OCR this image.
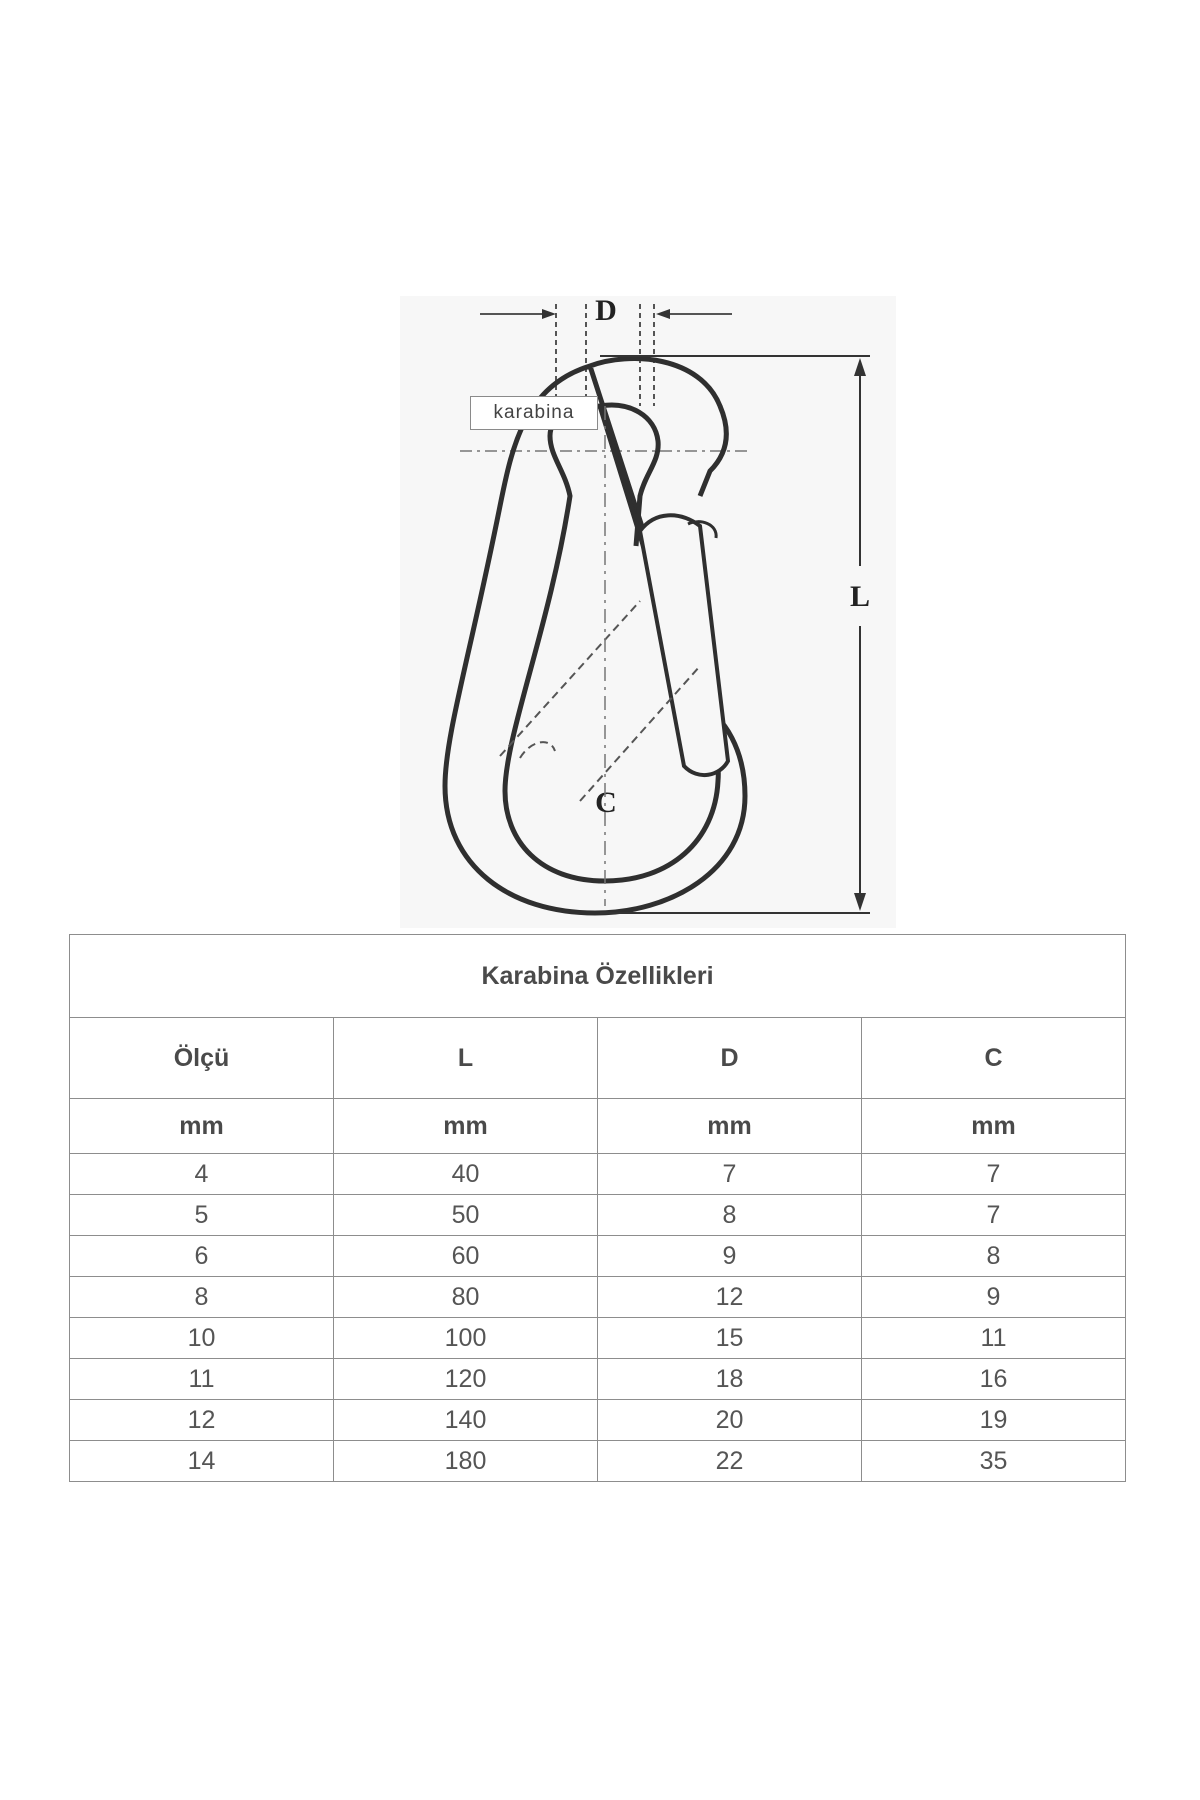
D
C
L
karabina
Karabina Özellikleri			
Ölçü	L	D	C
mm	mm	mm	mm
4	40	7	7
5	50	8	7
6	60	9	8
8	80	12	9
10	100	15	11
11	120	18	16
12	140	20	19
14	180	22	35
